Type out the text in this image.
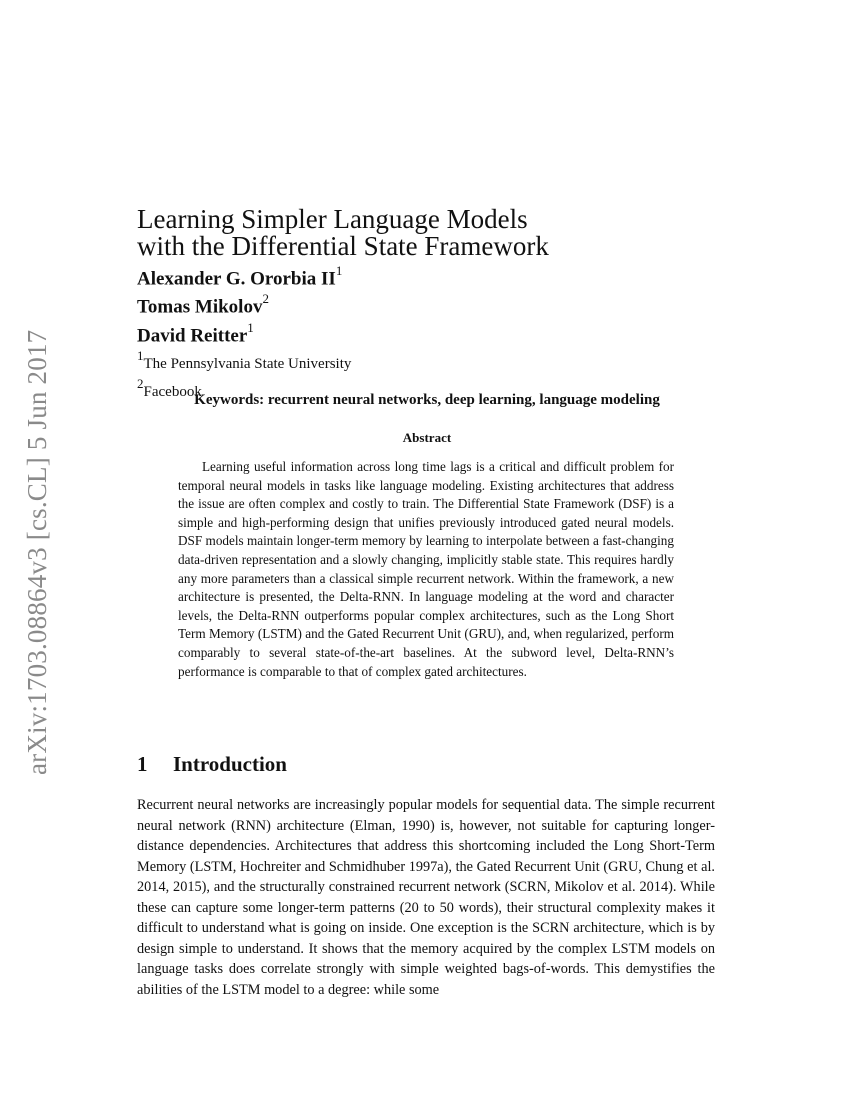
arXiv:1703.08864v3 [cs.CL] 5 Jun 2017
Learning Simpler Language Models
with the Differential State Framework
Alexander G. Ororbia $II^1$
Tomas Mikolov$^2$
David Reitter$^1$
$^1$The Pennsylvania State University
$^2$Facebook
Keywords: recurrent neural networks, deep learning, language modeling
Abstract

Learning useful information across long time lags is a critical and difficult problem for temporal neural models in tasks like language modeling. Existing architectures that address the issue are often complex and costly to train. The Differential State Framework (DSF) is a simple and high-performing design that unifies previously introduced gated neural models. DSF models maintain longer-term memory by learning to interpolate between a fast-changing data-driven representation and a slowly changing, implicitly stable state. This requires hardly any more parameters than a classical simple recurrent network. Within the framework, a new architecture is presented, the Delta-RNN. In language modeling at the word and character levels, the Delta-RNN outperforms popular complex architectures, such as the Long Short Term Memory (LSTM) and the Gated Recurrent Unit (GRU), and, when regularized, perform comparably to several state-of-the-art baselines. At the subword level, Delta-RNN’s performance is comparable to that of complex gated architectures.

1 Introduction

Recurrent neural networks are increasingly popular models for sequential data. The simple recurrent neural network (RNN) architecture (Elman, 1990) is, however, not suitable for capturing longer-distance dependencies. Architectures that address this shortcoming included the Long Short-Term Memory (LSTM, Hochreiter and Schmidhuber 1997a), the Gated Recurrent Unit (GRU, Chung et al. 2014, 2015), and the structurally constrained recurrent network (SCRN, Mikolov et al. 2014). While these can capture some longer-term patterns (20 to 50 words), their structural complexity makes it difficult to understand what is going on inside. One exception is the SCRN architecture, which is by design simple to understand. It shows that the memory acquired by the complex LSTM models on language tasks does correlate strongly with simple weighted bags-of-words. This demystifies the abilities of the LSTM model to a degree: while some
